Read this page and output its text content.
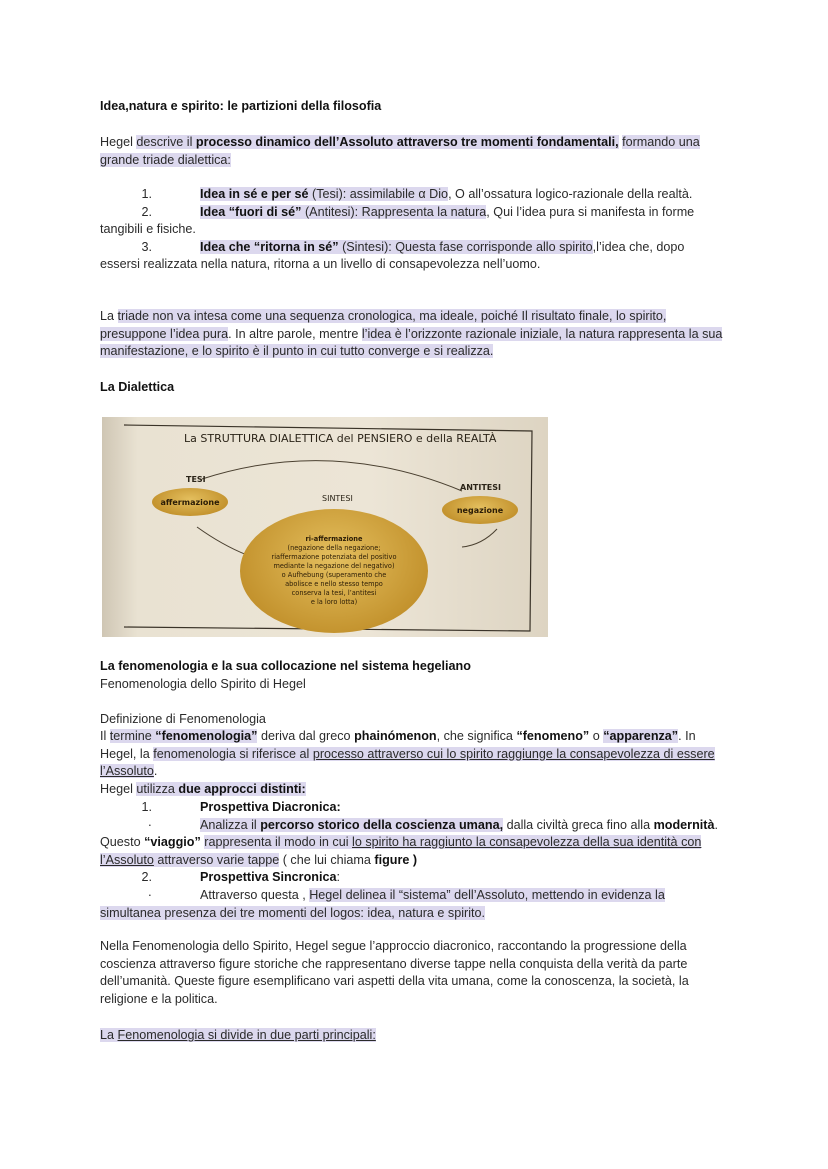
Idea,natura e spirito: le partizioni della filosofia
Hegel descrive il processo dinamico dell’Assoluto attraverso tre momenti fondamentali, formando una grande triade dialettica:
1.	Idea in sé e per sé (Tesi): assimilabile α Dio, O all’ossatura logico-razionale della realtà.
2.	Idea “fuori di sé” (Antitesi): Rappresenta la natura, Qui l’idea pura si manifesta in forme tangibili e fisiche.
3.	Idea che “ritorna in sé” (Sintesi): Questa fase corrisponde allo spirito,l’idea che, dopo essersi realizzata nella natura, ritorna a un livello di consapevolezza nell’uomo.
La triade non va intesa come una sequenza cronologica, ma ideale, poiché Il risultato finale, lo spirito, presuppone l’idea pura. In altre parole, mentre l’idea è l’orizzonte razionale iniziale, la natura rappresenta la sua manifestazione, e lo spirito è il punto in cui tutto converge e si realizza.
La Dialettica
La STRUTTURA DIALETTICA del PENSIERO e della REALTÀ
TESI
affermazione
ANTITESI
negazione
SINTESI
ri-affermazione
(negazione della negazione;
riaffermazione potenziata del positivo
mediante la negazione del negativo)
o Aufhebung (superamento che
abolisce e nello stesso tempo
conserva la tesi, l’antitesi
e la loro lotta)
La fenomenologia e la sua collocazione nel sistema hegeliano
Fenomenologia dello Spirito di Hegel
Definizione di Fenomenologia
Il termine “fenomenologia” deriva dal greco phainómenon, che significa “fenomeno” o “apparenza”. In Hegel, la fenomenologia si riferisce al processo attraverso cui lo spirito raggiunge la consapevolezza di essere l’Assoluto.
Hegel utilizza due approcci distinti:
1.	Prospettiva Diacronica:
·	Analizza il percorso storico della coscienza umana, dalla civiltà greca fino alla modernità. Questo “viaggio” rappresenta il modo in cui lo spirito ha raggiunto la consapevolezza della sua identità con l’Assoluto attraverso varie tappe ( che lui chiama figure )
2.	Prospettiva Sincronica:
·	Attraverso questa , Hegel delinea il “sistema” dell’Assoluto, mettendo in evidenza la simultanea presenza dei tre momenti del logos: idea, natura e spirito.
Nella Fenomenologia dello Spirito, Hegel segue l’approccio diacronico, raccontando la progressione della coscienza attraverso figure storiche che rappresentano diverse tappe nella conquista della verità da parte dell’umanità. Queste figure esemplificano vari aspetti della vita umana, come la conoscenza, la società, la religione e la politica.
La Fenomenologia si divide in due parti principali:
